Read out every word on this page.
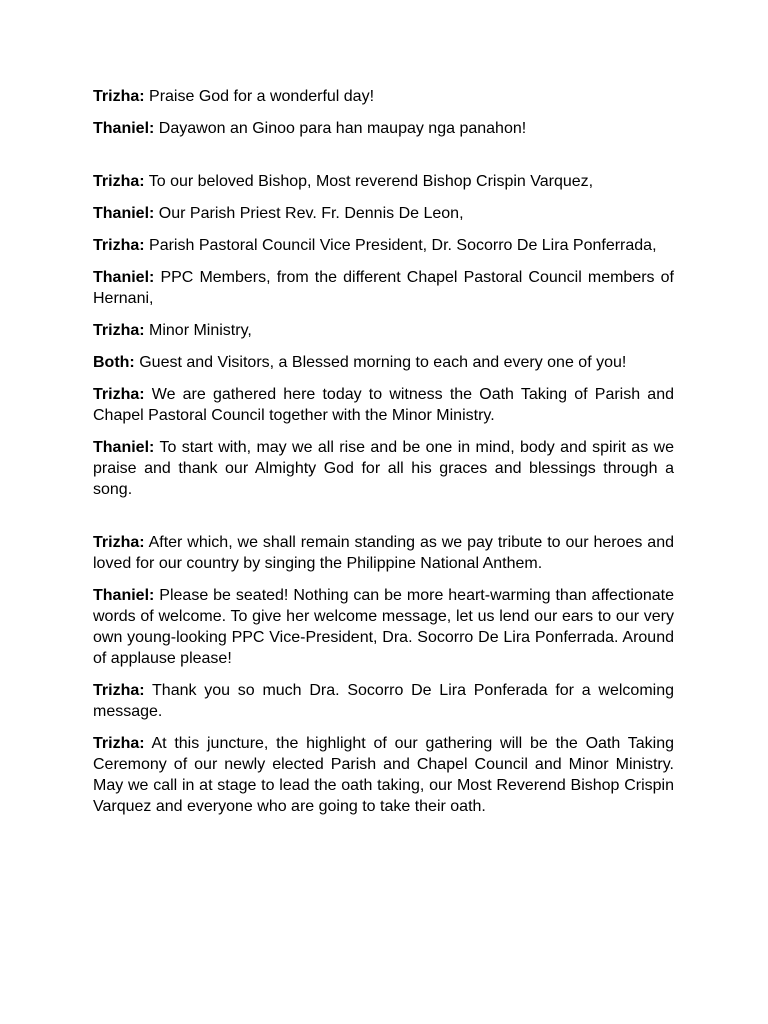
Trizha: Praise God for a wonderful day!

Thaniel: Dayawon an Ginoo para han maupay nga panahon!

Trizha: To our beloved Bishop, Most reverend Bishop Crispin Varquez,

Thaniel: Our Parish Priest Rev. Fr. Dennis De Leon,

Trizha: Parish Pastoral Council Vice President, Dr. Socorro De Lira Ponferrada,

Thaniel: PPC Members, from the different Chapel Pastoral Council members of Hernani,

Trizha: Minor Ministry,

Both: Guest and Visitors, a Blessed morning to each and every one of you!

Trizha: We are gathered here today to witness the Oath Taking of Parish and Chapel Pastoral Council together with the Minor Ministry.

Thaniel: To start with, may we all rise and be one in mind, body and spirit as we praise and thank our Almighty God for all his graces and blessings through a song.

Trizha: After which, we shall remain standing as we pay tribute to our heroes and loved for our country by singing the Philippine National Anthem.

Thaniel: Please be seated! Nothing can be more heart-warming than affectionate words of welcome. To give her welcome message, let us lend our ears to our very own young-looking PPC Vice-President, Dra. Socorro De Lira Ponferrada. Around of applause please!

Trizha: Thank you so much Dra. Socorro De Lira Ponferada for a welcoming message.

Trizha: At this juncture, the highlight of our gathering will be the Oath Taking Ceremony of our newly elected Parish and Chapel Council and Minor Ministry. May we call in at stage to lead the oath taking, our Most Reverend Bishop Crispin Varquez and everyone who are going to take their oath.
